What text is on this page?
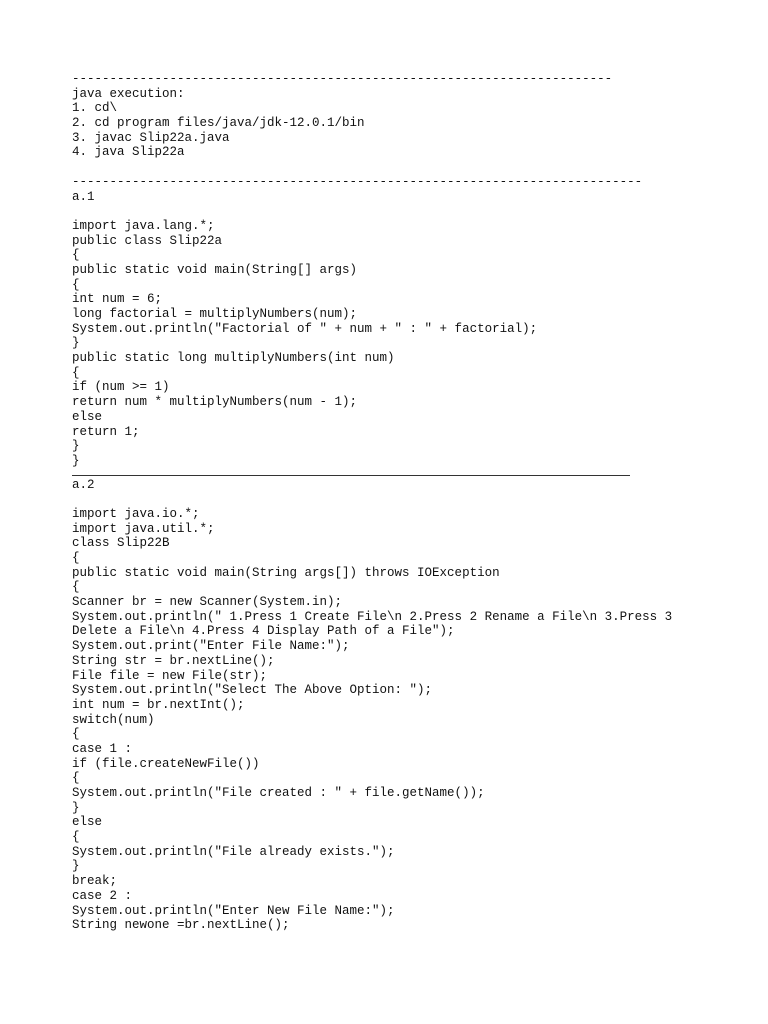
------------------------------------------------------------------------
java execution:
1. cd\
2. cd program files/java/jdk-12.0.1/bin
3. javac Slip22a.java
4. java Slip22a
----------------------------------------------------------------------------
a.1
import java.lang.*;
public class Slip22a
{
public static void main(String[] args)
{
int num = 6;
long factorial = multiplyNumbers(num);
System.out.println("Factorial of " + num + " : " + factorial);
}
public static long multiplyNumbers(int num)
{
if (num >= 1)
return num * multiplyNumbers(num - 1);
else
return 1;
}
}
a.2
import java.io.*;
import java.util.*;
class Slip22B
{
public static void main(String args[]) throws IOException
{
Scanner br = new Scanner(System.in);
System.out.println(" 1.Press 1 Create File\n 2.Press 2 Rename a File\n 3.Press 3
Delete a File\n 4.Press 4 Display Path of a File");
System.out.print("Enter File Name:");
String str = br.nextLine();
File file = new File(str);
System.out.println("Select The Above Option: ");
int num = br.nextInt();
switch(num)
{
case 1 :
if (file.createNewFile())
{
System.out.println("File created : " + file.getName());
}
else
{
System.out.println("File already exists.");
}
break;
case 2 :
System.out.println("Enter New File Name:");
String newone =br.nextLine();
